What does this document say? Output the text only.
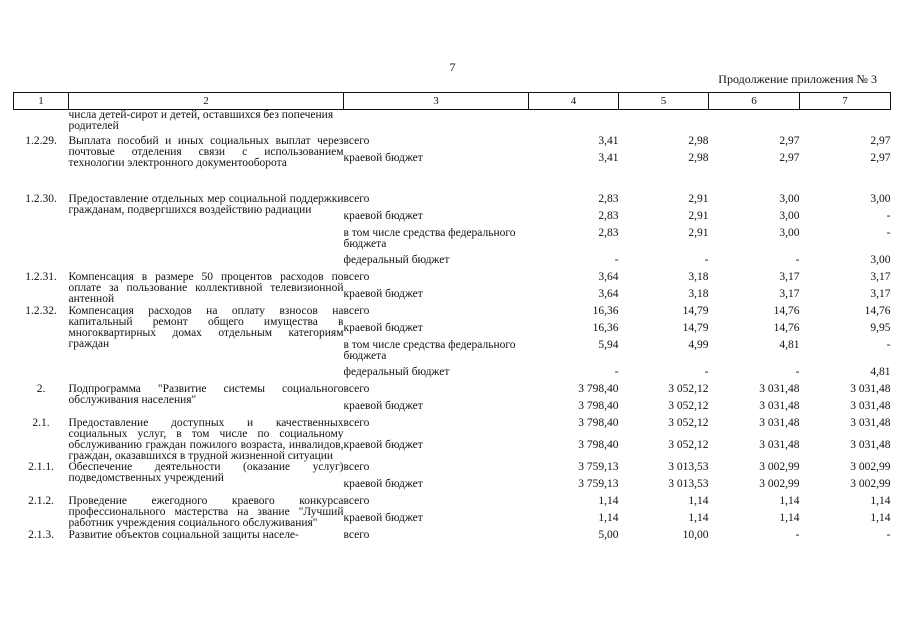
7
Продолжение приложения № 3
1	2	3	4	5	6	7
	числа детей-сирот и детей, оставшихся без попечения родителей					

1.2.29.	Выплата пособий и иных социальных выплат через почтовые отделения связи с использованием технологии электронного документооборота	всего	3,41	2,98	2,97	2,97
		краевой бюджет	3,41	2,98	2,97	2,97

1.2.30.	Предоставление отдельных мер социальной поддержки гражданам, подвергшихся воздействию радиации	всего	2,83	2,91	3,00	3,00
		краевой бюджет	2,83	2,91	3,00	-
		в том числе средства федерального бюджета	2,83	2,91	3,00	-
		федеральный бюджет	-	-	-	3,00
1.2.31.	Компенсация в размере 50 процентов расходов по оплате за пользование коллективной телевизионной антенной	всего	3,64	3,18	3,17	3,17
		краевой бюджет	3,64	3,18	3,17	3,17
1.2.32.	Компенсация расходов на оплату взносов на капитальный ремонт общего имущества в многоквартирных домах отдельным категориям граждан	всего	16,36	14,79	14,76	14,76
		краевой бюджет	16,36	14,79	14,76	9,95
		в том числе средства федерального бюджета	5,94	4,99	4,81	-
		федеральный бюджет	-	-	-	4,81
2.	Подпрограмма "Развитие системы социального обслуживания населения"	всего	3 798,40	3 052,12	3 031,48	3 031,48
		краевой бюджет	3 798,40	3 052,12	3 031,48	3 031,48
2.1.	Предоставление доступных и качественных социальных услуг, в том числе по социальному обслуживанию граждан пожилого возраста, инвалидов, граждан, оказавшихся в трудной жизненной ситуации	всего	3 798,40	3 052,12	3 031,48	3 031,48
		краевой бюджет	3 798,40	3 052,12	3 031,48	3 031,48
2.1.1.	Обеспечение деятельности (оказание услуг) подведомственных учреждений	всего	3 759,13	3 013,53	3 002,99	3 002,99
		краевой бюджет	3 759,13	3 013,53	3 002,99	3 002,99
2.1.2.	Проведение ежегодного краевого конкурса профессионального мастерства на звание "Лучший работник учреждения социального обслуживания"	всего	1,14	1,14	1,14	1,14
		краевой бюджет	1,14	1,14	1,14	1,14
2.1.3.	Развитие объектов социальной защиты населе-	всего	5,00	10,00	-	-
